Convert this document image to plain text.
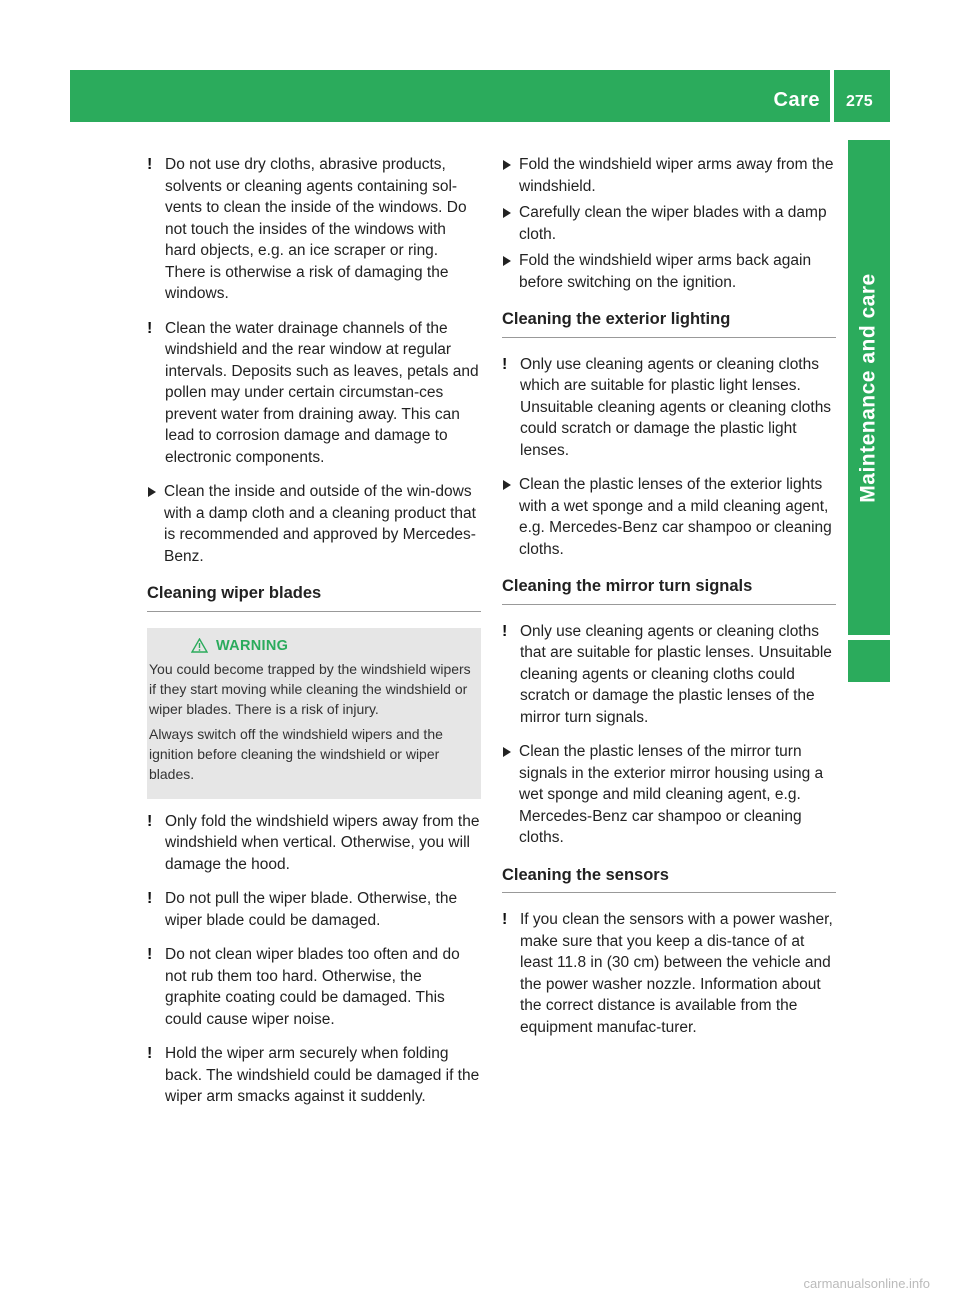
Care 275
Maintenance and care
! Do not use dry cloths, abrasive products, solvents or cleaning agents containing sol-vents to clean the inside of the windows. Do not touch the insides of the windows with hard objects, e.g. an ice scraper or ring. There is otherwise a risk of damaging the windows.
! Clean the water drainage channels of the windshield and the rear window at regular intervals. Deposits such as leaves, petals and pollen may under certain circumstan-ces prevent water from draining away. This can lead to corrosion damage and damage to electronic components.
Clean the inside and outside of the win-dows with a damp cloth and a cleaning product that is recommended and approved by Mercedes-Benz.
Cleaning wiper blades
WARNING

You could become trapped by the windshield wipers if they start moving while cleaning the windshield or wiper blades. There is a risk of injury.

Always switch off the windshield wipers and the ignition before cleaning the windshield or wiper blades.

! Only fold the windshield wipers away from the windshield when vertical. Otherwise, you will damage the hood.
! Do not pull the wiper blade. Otherwise, the wiper blade could be damaged.
! Do not clean wiper blades too often and do not rub them too hard. Otherwise, the graphite coating could be damaged. This could cause wiper noise.
! Hold the wiper arm securely when folding back. The windshield could be damaged if the wiper arm smacks against it suddenly.
Fold the windshield wiper arms away from the windshield.
Carefully clean the wiper blades with a damp cloth.
Fold the windshield wiper arms back again before switching on the ignition.
Cleaning the exterior lighting
! Only use cleaning agents or cleaning cloths which are suitable for plastic light lenses. Unsuitable cleaning agents or cleaning cloths could scratch or damage the plastic light lenses.
Clean the plastic lenses of the exterior lights with a wet sponge and a mild cleaning agent, e.g. Mercedes-Benz car shampoo or cleaning cloths.
Cleaning the mirror turn signals
! Only use cleaning agents or cleaning cloths that are suitable for plastic lenses. Unsuitable cleaning agents or cleaning cloths could scratch or damage the plastic lenses of the mirror turn signals.
Clean the plastic lenses of the mirror turn signals in the exterior mirror housing using a wet sponge and mild cleaning agent, e.g. Mercedes-Benz car shampoo or cleaning cloths.
Cleaning the sensors
! If you clean the sensors with a power washer, make sure that you keep a dis-tance of at least 11.8 in (30 cm) between the vehicle and the power washer nozzle. Information about the correct distance is available from the equipment manufac-turer.
carmanualsonline.info
